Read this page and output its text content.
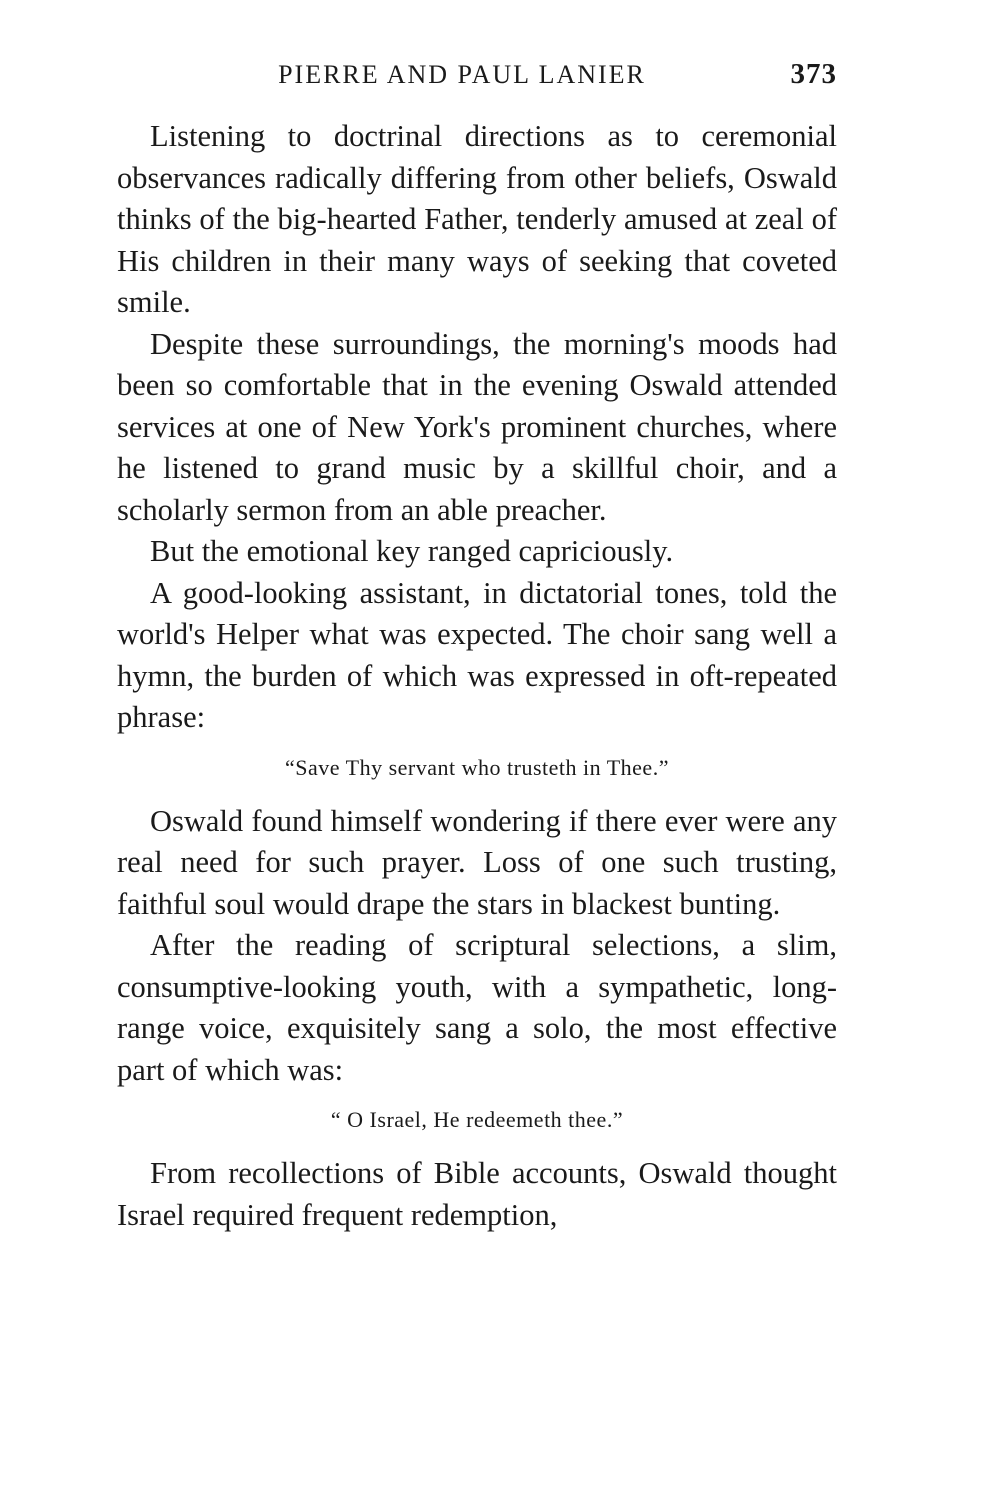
PIERRE AND PAUL LANIER	373

Listening to doctrinal directions as to ceremonial observances radically differing from other beliefs, Oswald thinks of the big-hearted Father, tenderly amused at zeal of His children in their many ways of seeking that coveted smile.

Despite these surroundings, the morning's moods had been so comfortable that in the evening Oswald attended services at one of New York's prominent churches, where he listened to grand music by a skillful choir, and a scholarly sermon from an able preacher.

But the emotional key ranged capriciously.

A good-looking assistant, in dictatorial tones, told the world's Helper what was expected. The choir sang well a hymn, the burden of which was expressed in oft-repeated phrase:

“Save Thy servant who trusteth in Thee.”

Oswald found himself wondering if there ever were any real need for such prayer. Loss of one such trusting, faithful soul would drape the stars in blackest bunting.

After the reading of scriptural selections, a slim, consumptive-looking youth, with a sympathetic, long-range voice, exquisitely sang a solo, the most effective part of which was:

“ O Israel, He redeemeth thee.”

From recollections of Bible accounts, Oswald thought Israel required frequent redemption,
